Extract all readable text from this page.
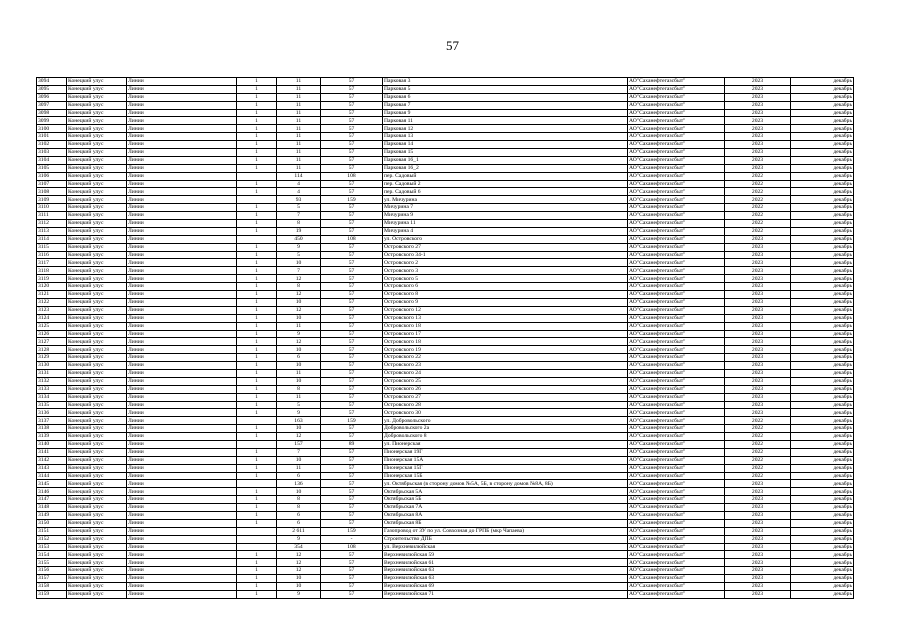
57
3094	Конецкий улус	Линии	1	11	57	Парковая 3	АО"Саханефтегазсбыт"	2023	декабрь
3095	Конецкий улус	Линии	1	11	57	Парковая 5	АО"Саханефтегазсбыт"	2023	декабрь
3096	Конецкий улус	Линии	1	11	57	Парковая 6	АО"Саханефтегазсбыт"	2023	декабрь
3097	Конецкий улус	Линии	1	11	57	Парковая 7	АО"Саханефтегазсбыт"	2023	декабрь
3098	Конецкий улус	Линии	1	11	57	Парковая 9	АО"Саханефтегазсбыт"	2023	декабрь
3099	Конецкий улус	Линии	1	11	57	Парковая 11	АО"Саханефтегазсбыт"	2023	декабрь
3100	Конецкий улус	Линии	1	11	57	Парковая 12	АО"Саханефтегазсбыт"	2023	декабрь
3101	Конецкий улус	Линии	1	11	57	Парковая 13	АО"Саханефтегазсбыт"	2023	декабрь
3102	Конецкий улус	Линии	1	11	57	Парковая 14	АО"Саханефтегазсбыт"	2023	декабрь
3103	Конецкий улус	Линии	1	11	57	Парковая 15	АО"Саханефтегазсбыт"	2023	декабрь
3104	Конецкий улус	Линии	1	11	57	Парковая 16_1	АО"Саханефтегазсбыт"	2023	декабрь
3105	Конецкий улус	Линии	1	11	57	Парковая 16_2	АО"Саханефтегазсбыт"	2023	декабрь
3106	Конецкий улус	Линии		114	108	пер. Садовый	АО"Саханефтегазсбыт"	2022	декабрь
3107	Конецкий улус	Линии	1	4	57	пер. Садовый 2	АО"Саханефтегазсбыт"	2022	декабрь
3108	Конецкий улус	Линии	1	4	57	пер. Садовый 6	АО"Саханефтегазсбыт"	2022	декабрь
3109	Конецкий улус	Линии		93	159	ул. Мичурина	АО"Саханефтегазсбыт"	2022	декабрь
3110	Конецкий улус	Линии	1	5	57	Мичурина 7	АО"Саханефтегазсбыт"	2022	декабрь
3111	Конецкий улус	Линии	1	7	57	Мичурина 9	АО"Саханефтегазсбыт"	2022	декабрь
3112	Конецкий улус	Линии	1	8	57	Мичурина 11	АО"Саханефтегазсбыт"	2022	декабрь
3113	Конецкий улус	Линии	1	19	57	Мичурина 4	АО"Саханефтегазсбыт"	2022	декабрь
3114	Конецкий улус	Линии		450	108	ул. Островского	АО"Саханефтегазсбыт"	2023	декабрь
3115	Конецкий улус	Линии	1	9	57	Островского 27	АО"Саханефтегазсбыт"	2023	декабрь
3116	Конецкий улус	Линии	1	5	57	Островского 34-1	АО"Саханефтегазсбыт"	2023	декабрь
3117	Конецкий улус	Линии	1	10	57	Островского 2	АО"Саханефтегазсбыт"	2023	декабрь
3118	Конецкий улус	Линии	1	7	57	Островского 3	АО"Саханефтегазсбыт"	2023	декабрь
3119	Конецкий улус	Линии	1	12	57	Островского 5	АО"Саханефтегазсбыт"	2023	декабрь
3120	Конецкий улус	Линии	1	8	57	Островского 6	АО"Саханефтегазсбыт"	2023	декабрь
3121	Конецкий улус	Линии	1	12	57	Островского 8	АО"Саханефтегазсбыт"	2023	декабрь
3122	Конецкий улус	Линии	1	10	57	Островского 9	АО"Саханефтегазсбыт"	2023	декабрь
3123	Конецкий улус	Линии	1	12	57	Островского 12	АО"Саханефтегазсбыт"	2023	декабрь
3124	Конецкий улус	Линии	1	10	57	Островского 13	АО"Саханефтегазсбыт"	2023	декабрь
3125	Конецкий улус	Линии	1	11	57	Островского 18	АО"Саханефтегазсбыт"	2023	декабрь
3126	Конецкий улус	Линии	1	9	57	Островского 17	АО"Саханефтегазсбыт"	2023	декабрь
3127	Конецкий улус	Линии	1	12	57	Островского 18	АО"Саханефтегазсбыт"	2023	декабрь
3128	Конецкий улус	Линии	1	10	57	Островского 19	АО"Саханефтегазсбыт"	2023	декабрь
3129	Конецкий улус	Линии	1	6	57	Островского 22	АО"Саханефтегазсбыт"	2023	декабрь
3130	Конецкий улус	Линии	1	10	57	Островского 23	АО"Саханефтегазсбыт"	2023	декабрь
3131	Конецкий улус	Линии	1	11	57	Островского 24	АО"Саханефтегазсбыт"	2023	декабрь
3132	Конецкий улус	Линии	1	10	57	Островского 25	АО"Саханефтегазсбыт"	2023	декабрь
3133	Конецкий улус	Линии	1	8	57	Островского 26	АО"Саханефтегазсбыт"	2023	декабрь
3134	Конецкий улус	Линии	1	11	57	Островского 27	АО"Саханефтегазсбыт"	2023	декабрь
3135	Конецкий улус	Линии	1	5	57	Островского 28	АО"Саханефтегазсбыт"	2023	декабрь
3136	Конецкий улус	Линии	1	9	57	Островского 30	АО"Саханефтегазсбыт"	2023	декабрь
3137	Конецкий улус	Линии		163	159	ул. Добровольского	АО"Саханефтегазсбыт"	2022	декабрь
3138	Конецкий улус	Линии	1	10	57	Добровольского 2а	АО"Саханефтегазсбыт"	2022	декабрь
3139	Конецкий улус	Линии	1	12	57	Добровольского 8	АО"Саханефтегазсбыт"	2022	декабрь
3140	Конецкий улус	Линии		157	89	ул. Пионерская	АО"Саханефтегазсбыт"	2022	декабрь
3141	Конецкий улус	Линии	1	7	57	Пионерская 19Г	АО"Саханефтегазсбыт"	2022	декабрь
3142	Конецкий улус	Линии	1	10	57	Пионерская 15А	АО"Саханефтегазсбыт"	2022	декабрь
3143	Конецкий улус	Линии	1	11	57	Пионерская 15Г	АО"Саханефтегазсбыт"	2022	декабрь
3144	Конецкий улус	Линии	1	6	57	Пионерская 15Б	АО"Саханефтегазсбыт"	2022	декабрь
3145	Конецкий улус	Линии		136	57	ул. Октябрьская (в сторону домов №5А, 5Б, в сторону домов №8А, 8Б)	АО"Саханефтегазсбыт"	2023	декабрь
3146	Конецкий улус	Линии	1	10	57	Октябрьская 5А	АО"Саханефтегазсбыт"	2023	декабрь
3147	Конецкий улус	Линии	1	8	57	Октябрьская 5Б	АО"Саханефтегазсбыт"	2023	декабрь
3148	Конецкий улус	Линии	1	8	57	Октябрьская 7А	АО"Саханефтегазсбыт"	2023	декабрь
3149	Конецкий улус	Линии	1	6	57	Октябрьская 8А	АО"Саханефтегазсбыт"	2023	декабрь
3150	Конецкий улус	Линии	1	6	57	Октябрьская 8Б	АО"Саханефтегазсбыт"	2023	декабрь
3151	Конецкий улус	Линии		2 611	159	Газопровод от ЗУ по ул. Совхозная до ГРПБ (мкр Чапаева)	АО"Саханефтегазсбыт"	2023	декабрь
3152	Конецкий улус	Линии		9	-	Строительство ДПБ	АО"Саханефтегазсбыт"	2023	декабрь
3153	Конецкий улус	Линии		354	108	ул. Верхневилюйская	АО"Саханефтегазсбыт"	2023	декабрь
3154	Конецкий улус	Линии	1	12	57	Верхневилюйская 59	АО"Саханефтегазсбыт"	2023	декабрь
3155	Конецкий улус	Линии	1	12	57	Верхневилюйская 61	АО"Саханефтегазсбыт"	2023	декабрь
3156	Конецкий улус	Линии	1	12	57	Верхневилюйская 63	АО"Саханефтегазсбыт"	2023	декабрь
3157	Конецкий улус	Линии	1	10	57	Верхневилюйская 63	АО"Саханефтегазсбыт"	2023	декабрь
3158	Конецкий улус	Линии	1	10	57	Верхневилюйская 69	АО"Саханефтегазсбыт"	2023	декабрь
3159	Конецкий улус	Линии	1	9	57	Верхневилюйская 71	АО"Саханефтегазсбыт"	2023	декабрь
